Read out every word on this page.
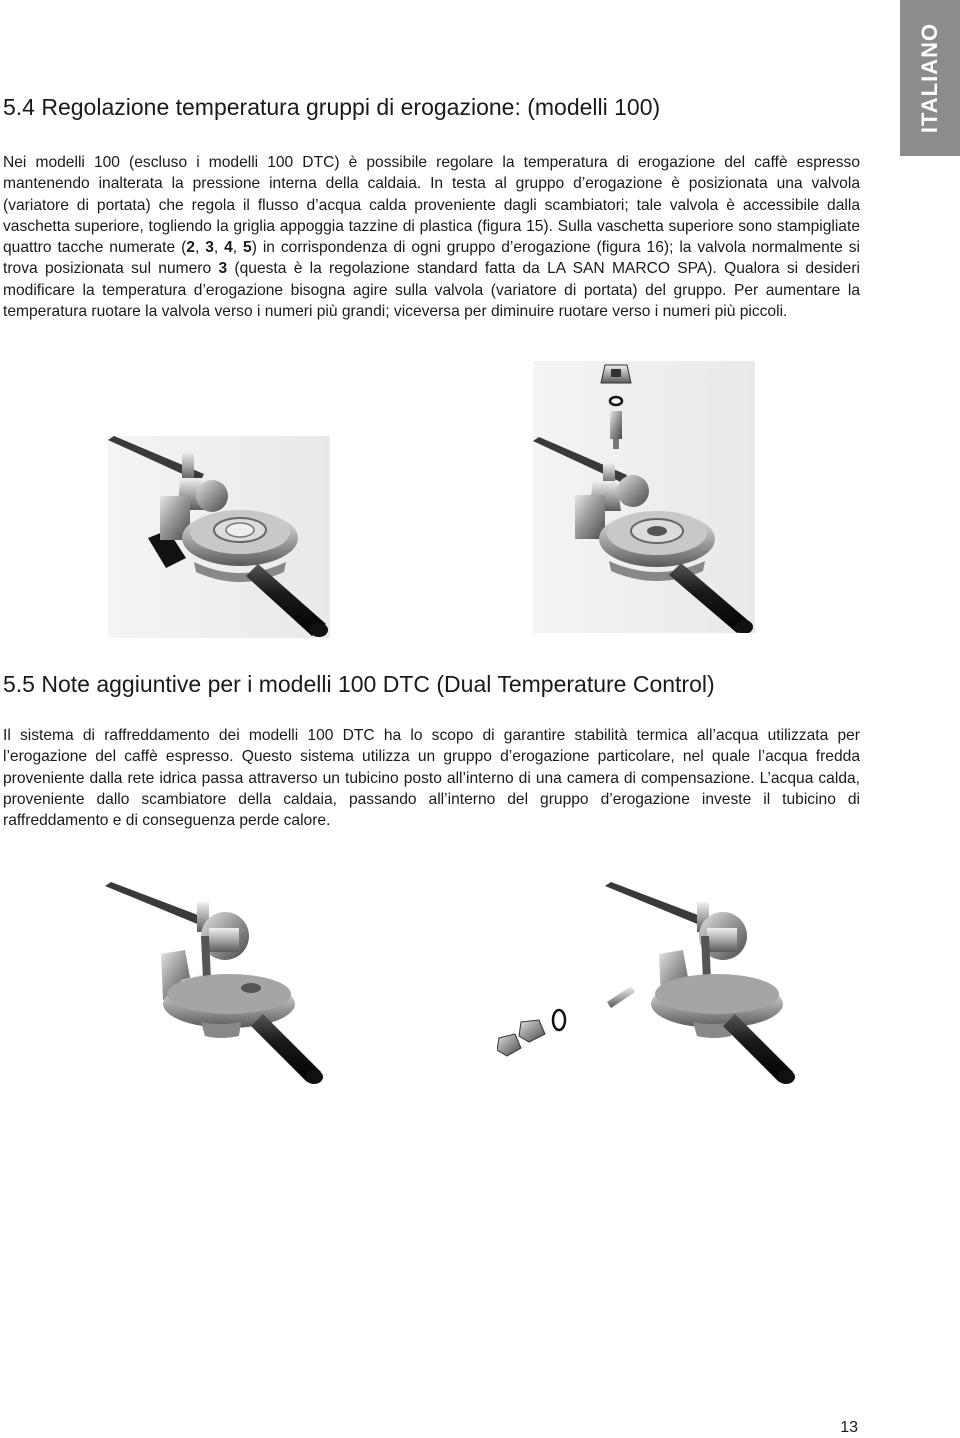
ITALIANO
5.4 Regolazione temperatura gruppi di erogazione: (modelli 100)

Nei modelli 100 (escluso i modelli 100 DTC) è possibile regolare la temperatura di erogazione del caffè espresso mantenendo inalterata la pressione interna della caldaia. In testa al gruppo d’erogazione è posizionata una valvola (variatore di portata) che regola il flusso d’acqua calda proveniente dagli scambiatori; tale valvola è accessibile dalla vaschetta superiore, togliendo la griglia appoggia tazzine di plastica (figura 15). Sulla vaschetta superiore sono stampigliate quattro tacche numerate (2, 3, 4, 5) in corrispondenza di ogni gruppo d’erogazione (figura 16); la valvola normalmente si trova posizionata sul numero 3 (questa è la regolazione standard fatta da LA SAN MARCO SPA). Qualora si desideri modificare la temperatura d’erogazione bisogna agire sulla valvola (variatore di portata) del gruppo. Per aumentare la temperatura ruotare la valvola verso i numeri più grandi; viceversa per diminuire ruotare verso i numeri più piccoli.

5.5 Note aggiuntive per i modelli 100 DTC (Dual Temperature Control)

Il sistema di raffreddamento dei modelli 100 DTC ha lo scopo di garantire stabilità termica all’acqua utilizzata per l’erogazione del caffè espresso. Questo sistema utilizza un gruppo d’erogazione particolare, nel quale l’acqua fredda proveniente dalla rete idrica passa attraverso un tubicino posto all’interno di una camera di compensazione. L’acqua calda, proveniente dallo scambiatore della caldaia, passando all’interno del gruppo d’erogazione investe il tubicino di raffreddamento e di conseguenza perde calore.

13
